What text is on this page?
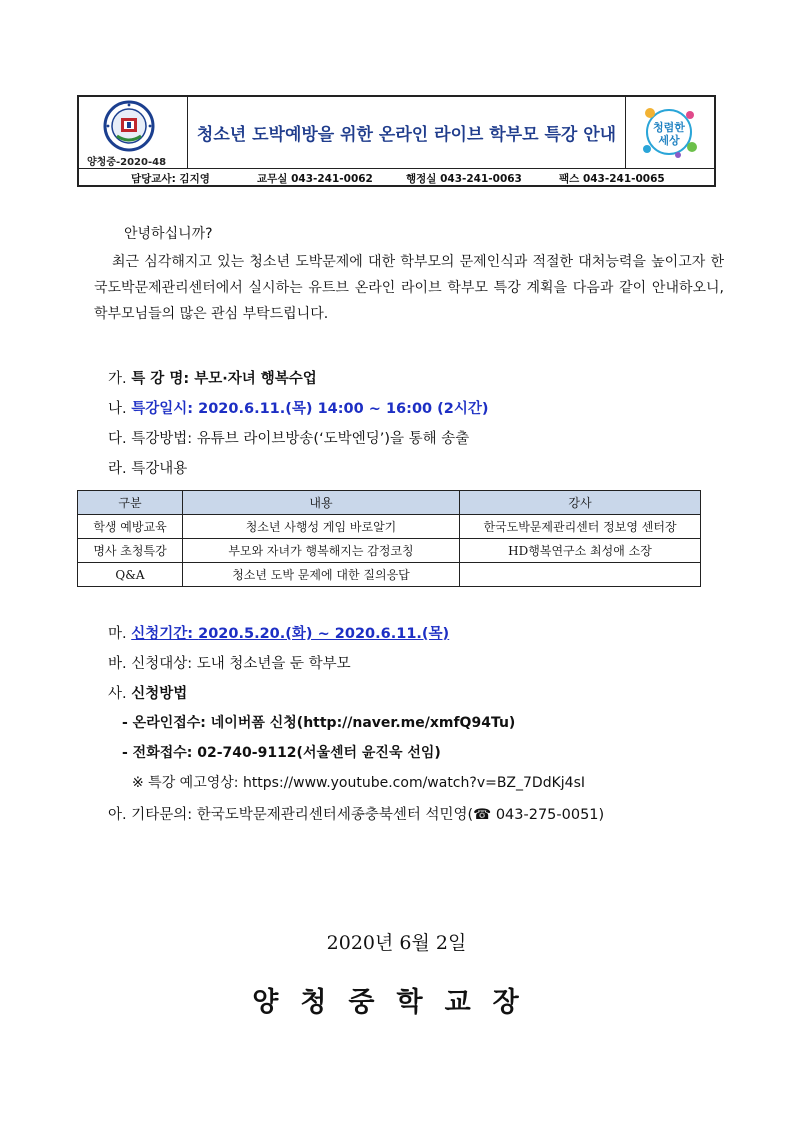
양청중-2020-48
청소년 도박예방을 위한 온라인 라이브 학부모 특강 안내	청렴한
세상
담당교사: 김지영	교무실 043-241-0062	행정실 043-241-0063	팩스 043-241-0065
안녕하십니까?
최근 심각해지고 있는 청소년 도박문제에 대한 학부모의 문제인식과 적절한 대처능력을 높이고자 한국도박문제관리센터에서 실시하는 유트브 온라인 라이브 학부모 특강 계획을 다음과 같이 안내하오니, 학부모님들의 많은 관심 부탁드립니다.
가. 특 강 명: 부모·자녀 행복수업
나. 특강일시: 2020.6.11.(목) 14:00 ~ 16:00 (2시간)
다. 특강방법: 유튜브 라이브방송(‘도박엔딩’)을 통해 송출
라. 특강내용
구분	내용	강사
학생 예방교육	청소년 사행성 게임 바로알기	한국도박문제관리센터 정보영 센터장
명사 초청특강	부모와 자녀가 행복해지는 감정코칭	HD행복연구소 최성애 소장
Q&A	청소년 도박 문제에 대한 질의응답	
마. 신청기간: 2020.5.20.(화) ~ 2020.6.11.(목)
바. 신청대상: 도내 청소년을 둔 학부모
사. 신청방법
- 온라인접수: 네이버폼 신청(http://naver.me/xmfQ94Tu)
- 전화접수: 02-740-9112(서울센터 윤진욱 선임)
※ 특강 예고영상: https://www.youtube.com/watch?v=BZ_7DdKj4sI
아. 기타문의: 한국도박문제관리센터세종충북센터 석민영(☎ 043-275-0051)
2020년 6월 2일
양청중학교장
